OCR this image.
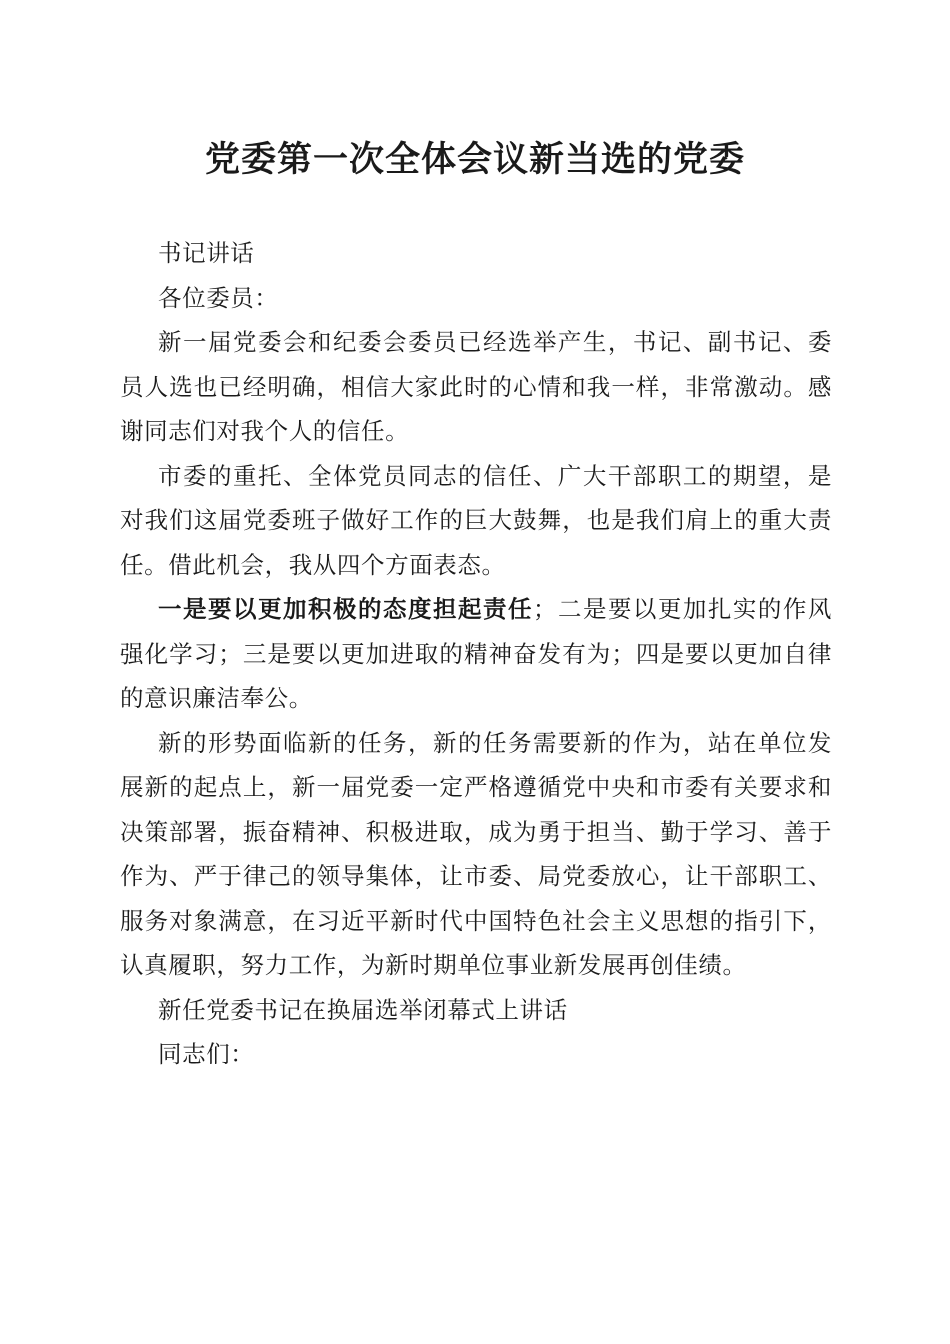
党委第一次全体会议新当选的党委

书记讲话

各位委员：

新一届党委会和纪委会委员已经选举产生，书记、副书记、委员人选也已经明确，相信大家此时的心情和我一样，非常激动。感谢同志们对我个人的信任。

市委的重托、全体党员同志的信任、广大干部职工的期望，是对我们这届党委班子做好工作的巨大鼓舞，也是我们肩上的重大责任。借此机会，我从四个方面表态。

一是要以更加积极的态度担起责任；二是要以更加扎实的作风强化学习；三是要以更加进取的精神奋发有为；四是要以更加自律的意识廉洁奉公。

新的形势面临新的任务，新的任务需要新的作为，站在单位发展新的起点上，新一届党委一定严格遵循党中央和市委有关要求和决策部署，振奋精神、积极进取，成为勇于担当、勤于学习、善于作为、严于律己的领导集体，让市委、局党委放心，让干部职工、服务对象满意，在习近平新时代中国特色社会主义思想的指引下，认真履职，努力工作，为新时期单位事业新发展再创佳绩。

新任党委书记在换届选举闭幕式上讲话

同志们：
